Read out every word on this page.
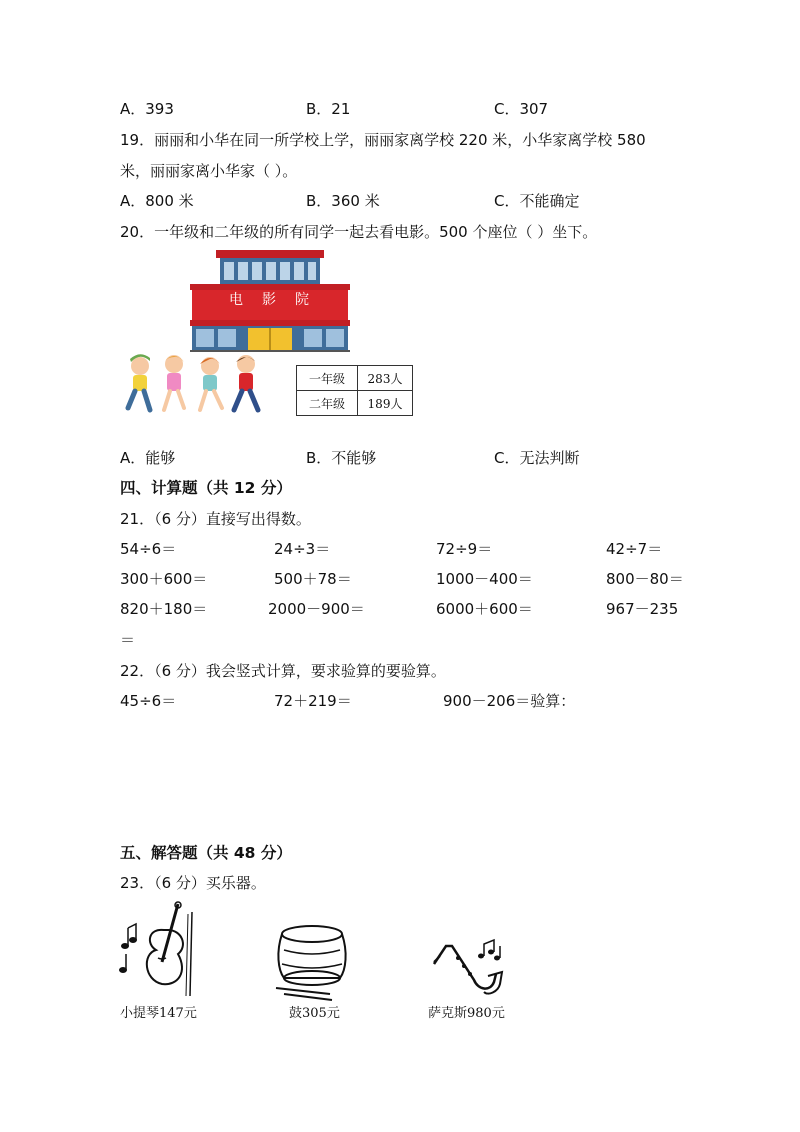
A．393	B．21	C．307
19．丽丽和小华在同一所学校上学，丽丽家离学校 220 米，小华家离学校 580
米，丽丽家离小华家（ ）。
A．800 米	B．360 米	C．不能确定
20．一年级和二年级的所有同学一起去看电影。500 个座位（ ）坐下。
电 影 院
一年级	283人
二年级	189人
A．能够	B．不能够	C．无法判断
四、计算题（共 12 分）
21．（6 分）直接写出得数。
54÷6＝	24÷3＝	72÷9＝	42÷7＝
300＋600＝	500＋78＝	1000－400＝	800－80＝
820＋180＝	2000－900＝	6000＋600＝	967－235
＝
22．（6 分）我会竖式计算，要求验算的要验算。
45÷6＝	72＋219＝	900－206＝验算：
五、解答题（共 48 分）
23．（6 分）买乐器。
小提琴147元	鼓305元	萨克斯980元
